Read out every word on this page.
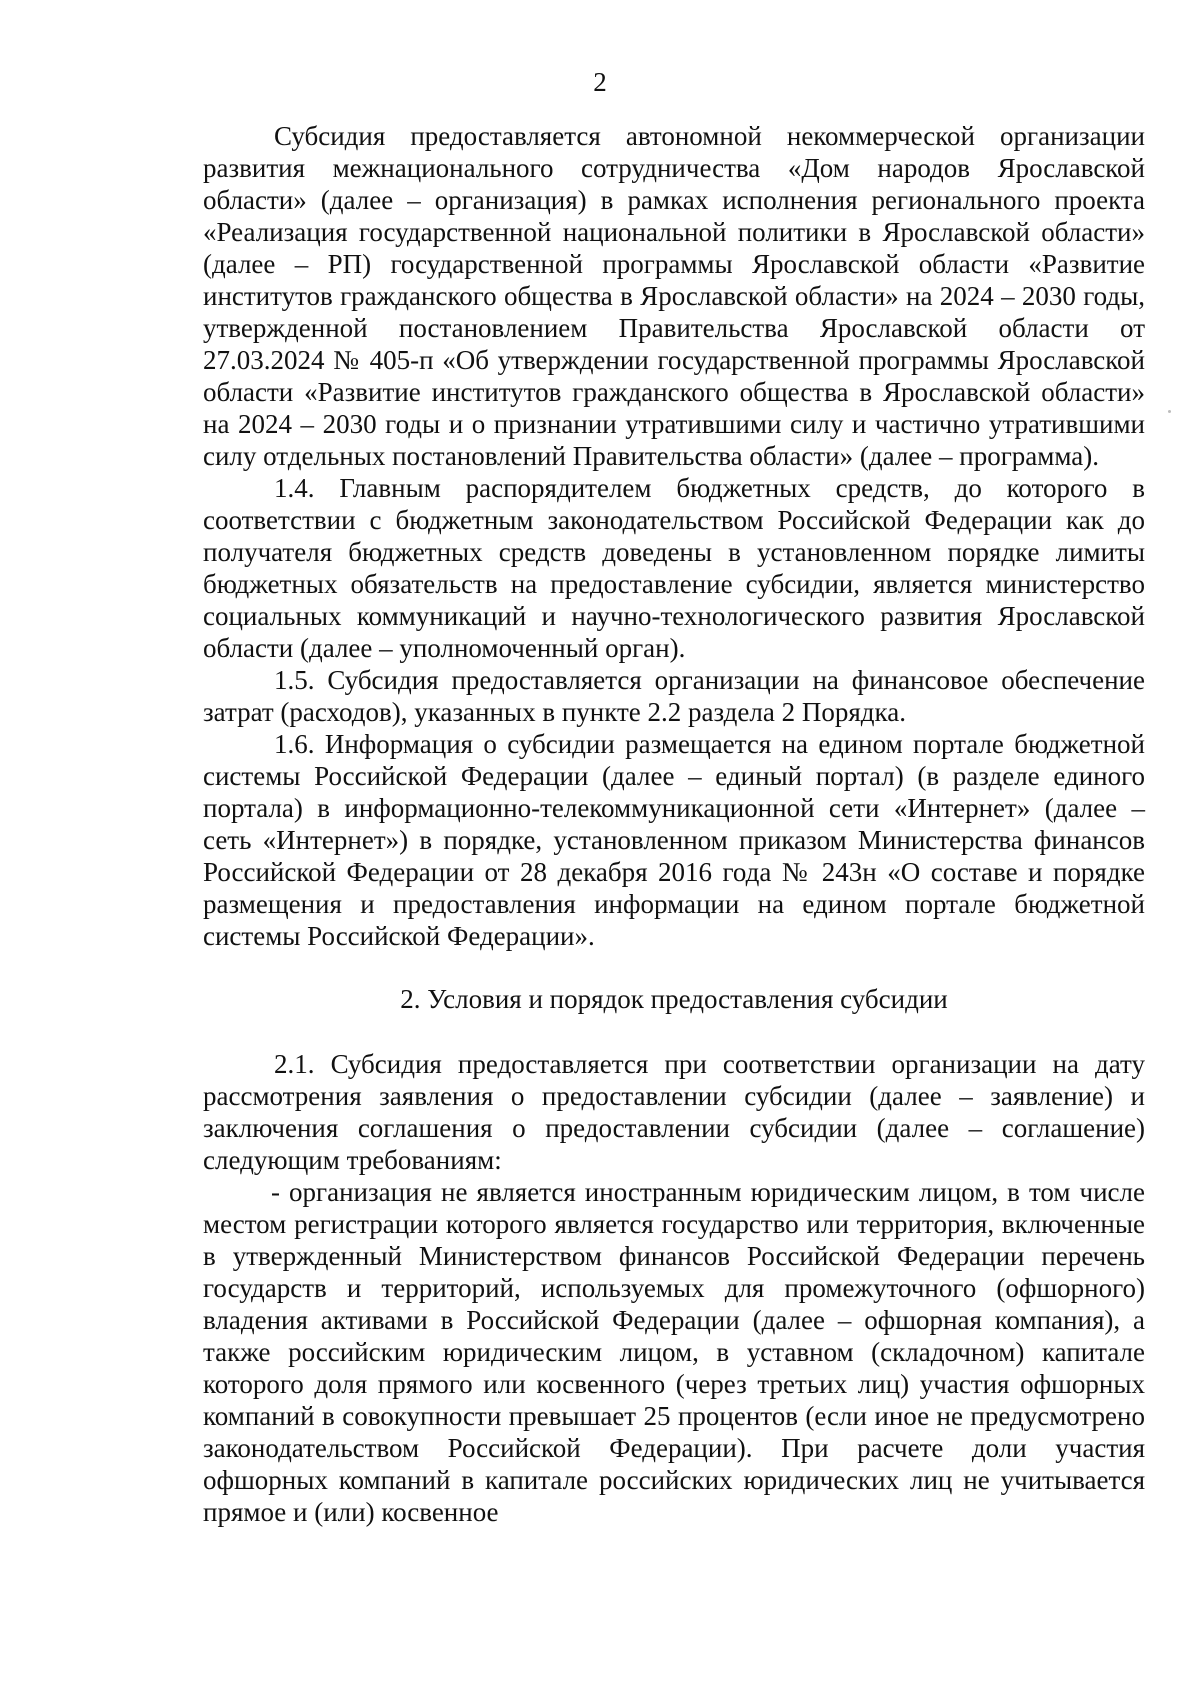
2

Субсидия предоставляется автономной некоммерческой организации развития межнационального сотрудничества «Дом народов Ярославской области» (далее – организация) в рамках исполнения регионального проекта «Реализация государственной национальной политики в Ярославской области» (далее – РП) государственной программы Ярославской области «Развитие институтов гражданского общества в Ярославской области» на 2024 – 2030 годы, утвержденной постановлением Правительства Ярославской области от 27.03.2024 № 405-п «Об утверждении государственной программы Ярославской области «Развитие институтов гражданского общества в Ярославской области» на 2024 – 2030 годы и о признании утратившими силу и частично утратившими силу отдельных постановлений Правительства области» (далее – программа).

1.4. Главным распорядителем бюджетных средств, до которого в соответствии с бюджетным законодательством Российской Федерации как до получателя бюджетных средств доведены в установленном порядке лимиты бюджетных обязательств на предоставление субсидии, является министерство социальных коммуникаций и научно-технологического развития Ярославской области (далее – уполномоченный орган).

1.5. Субсидия предоставляется организации на финансовое обеспечение затрат (расходов), указанных в пункте 2.2 раздела 2 Порядка.

1.6. Информация о субсидии размещается на едином портале бюджетной системы Российской Федерации (далее – единый портал) (в разделе единого портала) в информационно-телекоммуникационной сети «Интернет» (далее – сеть «Интернет») в порядке, установленном приказом Министерства финансов Российской Федерации от 28 декабря 2016 года № 243н «О составе и порядке размещения и предоставления информации на едином портале бюджетной системы Российской Федерации».

2. Условия и порядок предоставления субсидии

2.1. Субсидия предоставляется при соответствии организации на дату рассмотрения заявления о предоставлении субсидии (далее – заявление) и заключения соглашения о предоставлении субсидии (далее – соглашение) следующим требованиям:

- организация не является иностранным юридическим лицом, в том числе местом регистрации которого является государство или территория, включенные в утвержденный Министерством финансов Российской Федерации перечень государств и территорий, используемых для промежуточного (офшорного) владения активами в Российской Федерации (далее – офшорная компания), а также российским юридическим лицом, в уставном (складочном) капитале которого доля прямого или косвенного (через третьих лиц) участия офшорных компаний в совокупности превышает 25 процентов (если иное не предусмотрено законодательством Российской Федерации). При расчете доли участия офшорных компаний в капитале российских юридических лиц не учитывается прямое и (или) косвенное
